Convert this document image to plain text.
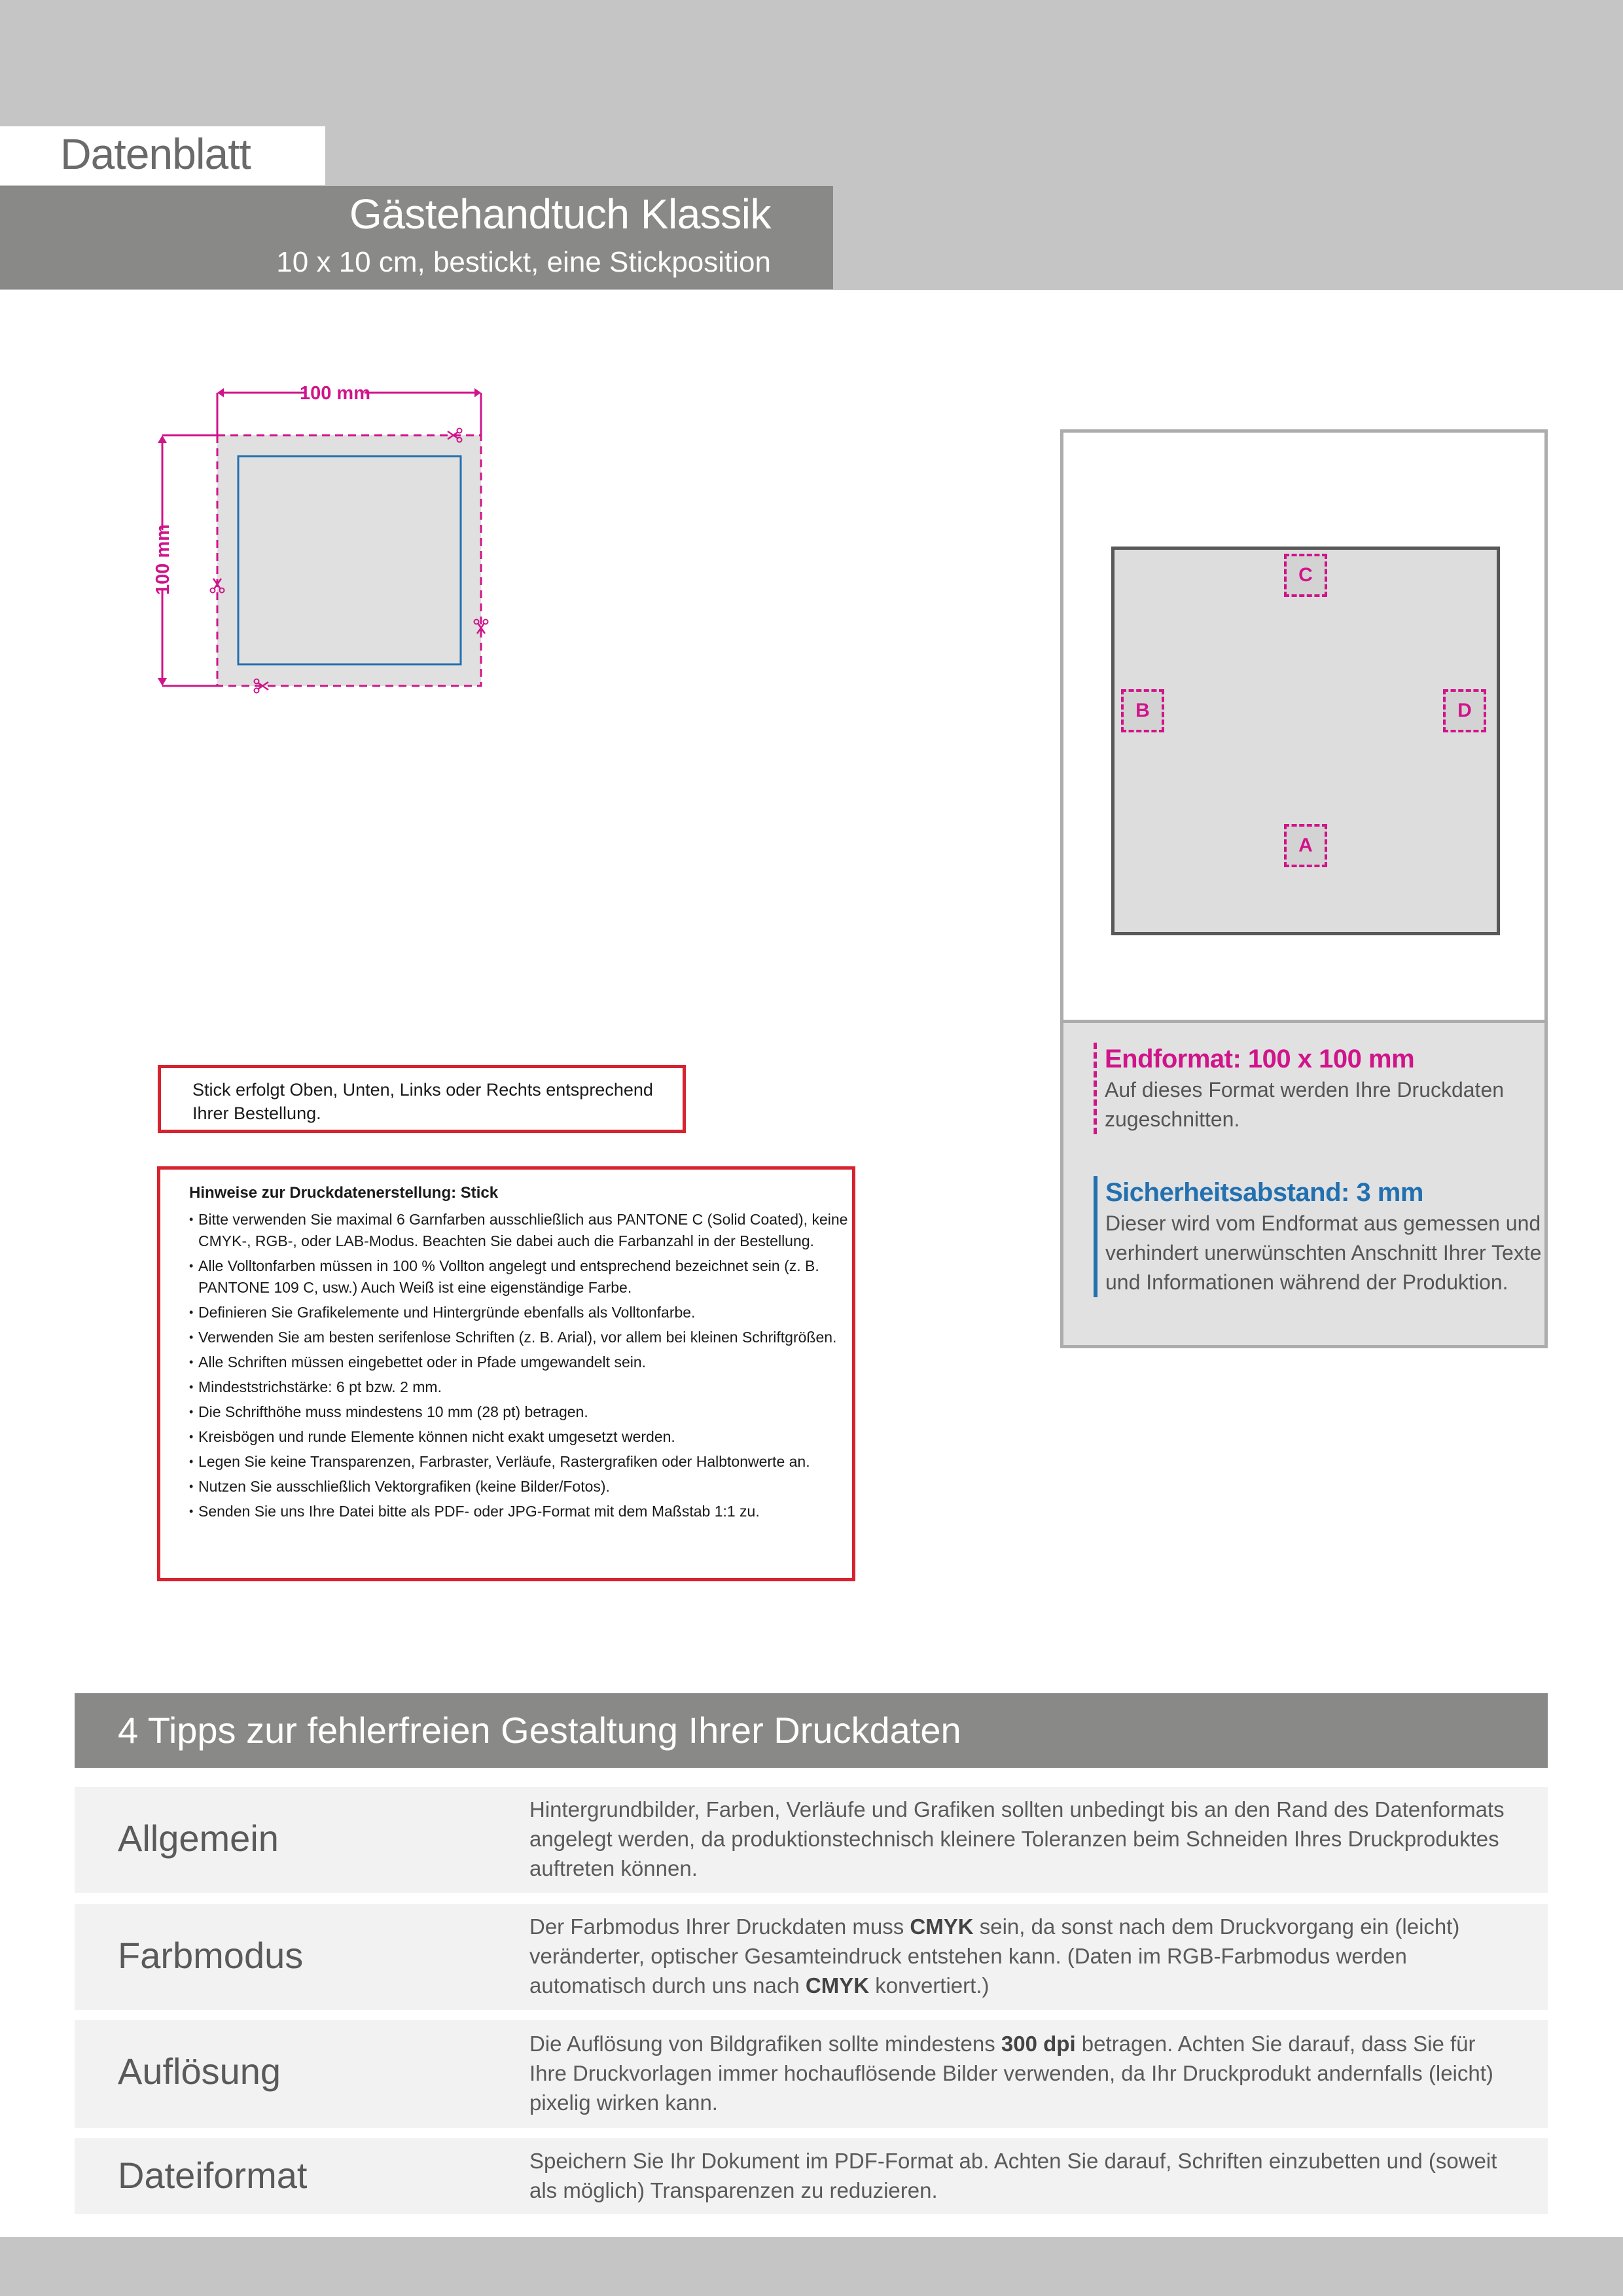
Datenblatt
Gästehandtuch Klassik
10 x 10 cm, bestickt, eine Stickposition
100 mm
100 mm
Stick erfolgt Oben, Unten, Links oder Rechts entsprechend Ihrer Bestellung.
Hinweise zur Druckdatenerstellung: Stick
• Bitte verwenden Sie maximal 6 Garnfarben ausschließlich aus PANTONE C (Solid Coated), keine CMYK-, RGB-, oder LAB-Modus. Beachten Sie dabei auch die Farbanzahl in der Bestellung.
• Alle Volltonfarben müssen in 100 % Vollton angelegt und entsprechend bezeichnet sein (z. B. PANTONE 109 C, usw.) Auch Weiß ist eine eigenständige Farbe.
• Definieren Sie Grafikelemente und Hintergründe ebenfalls als Volltonfarbe.
• Verwenden Sie am besten serifenlose Schriften (z. B. Arial), vor allem bei kleinen Schriftgrößen.
• Alle Schriften müssen eingebettet oder in Pfade umgewandelt sein.
• Mindeststrichstärke: 6 pt bzw. 2 mm.
• Die Schrifthöhe muss mindestens 10 mm (28 pt) betragen.
• Kreisbögen und runde Elemente können nicht exakt umgesetzt werden.
• Legen Sie keine Transparenzen, Farbraster, Verläufe, Rastergrafiken oder Halbtonwerte an.
• Nutzen Sie ausschließlich Vektorgrafiken (keine Bilder/Fotos).
• Senden Sie uns Ihre Datei bitte als PDF- oder JPG-Format mit dem Maßstab 1:1 zu.
C
B	D
A
Endformat: 100 x 100 mm
Auf dieses Format werden Ihre Druckdaten zugeschnitten.
Sicherheitsabstand: 3 mm
Dieser wird vom Endformat aus gemessen und verhindert unerwünschten Anschnitt Ihrer Texte und Informationen während der Produktion.
4 Tipps zur fehlerfreien Gestaltung Ihrer Druckdaten
Allgemein
Hintergrundbilder, Farben, Verläufe und Grafiken sollten unbedingt bis an den Rand des Datenformats angelegt werden, da produktionstechnisch kleinere Toleranzen beim Schneiden Ihres Druckproduktes auftreten können.
Farbmodus
Der Farbmodus Ihrer Druckdaten muss CMYK sein, da sonst nach dem Druckvorgang ein (leicht) veränderter, optischer Gesamteindruck entstehen kann. (Daten im RGB-Farbmodus werden automatisch durch uns nach CMYK konvertiert.)
Auflösung
Die Auflösung von Bildgrafiken sollte mindestens 300 dpi betragen. Achten Sie darauf, dass Sie für Ihre Druckvorlagen immer hochauflösende Bilder verwenden, da Ihr Druckprodukt andernfalls (leicht) pixelig wirken kann.
Dateiformat	Speichern Sie Ihr Dokument im PDF-Format ab. Achten Sie darauf, Schriften einzubetten und (soweit als möglich) Transparenzen zu reduzieren.
